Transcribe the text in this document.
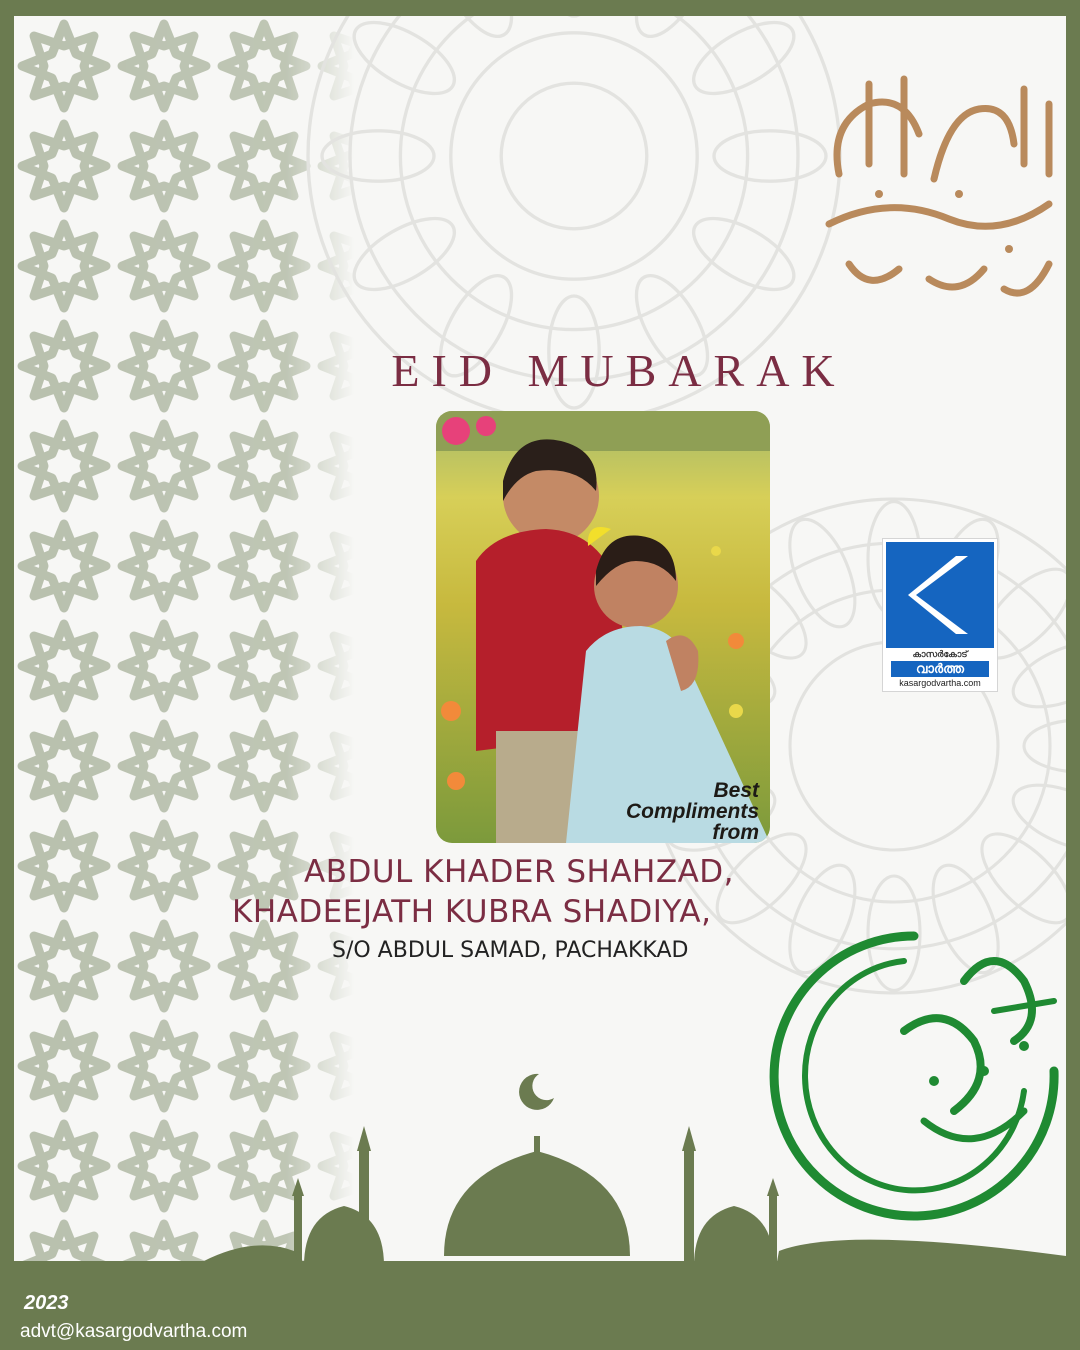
EID MUBARAK
Best
Compliments
from
കാസർകോട്
വാർത്ത
kasargodvartha.com
ABDUL KHADER SHAHZAD,
KHADEEJATH KUBRA SHADIYA,
S/O ABDUL SAMAD, PACHAKKAD
2023
advt@kasargodvartha.com
